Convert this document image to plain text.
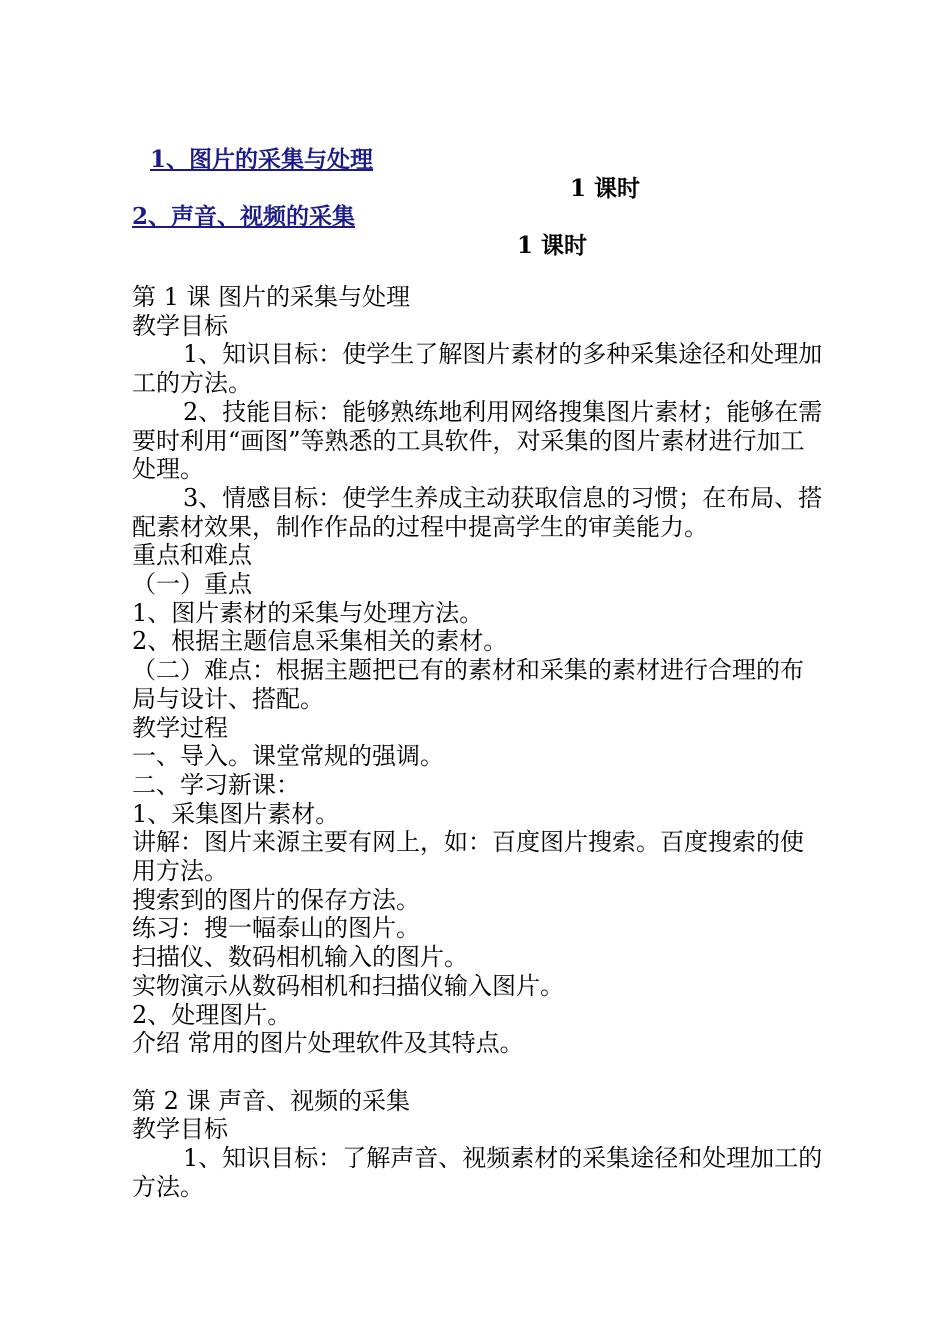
1、图片的采集与处理
1 课时
2、声音、视频的采集
1 课时

第 1 课 图片的采集与处理

教学目标

1、知识目标：使学生了解图片素材的多种采集途径和处理加工的方法。

2、技能目标：能够熟练地利用网络搜集图片素材；能够在需要时利用“画图”等熟悉的工具软件，对采集的图片素材进行加工处理。

3、情感目标：使学生养成主动获取信息的习惯；在布局、搭配素材效果，制作作品的过程中提高学生的审美能力。

重点和难点

（一）重点

1、图片素材的采集与处理方法。

2、根据主题信息采集相关的素材。

（二）难点：根据主题把已有的素材和采集的素材进行合理的布局与设计、搭配。

教学过程

一、导入。课堂常规的强调。

二、学习新课：

1、采集图片素材。

讲解：图片来源主要有网上，如：百度图片搜索。百度搜索的使用方法。

搜索到的图片的保存方法。

练习：搜一幅泰山的图片。

扫描仪、数码相机输入的图片。

实物演示从数码相机和扫描仪输入图片。

2、处理图片。

介绍 常用的图片处理软件及其特点。

第 2 课 声音、视频的采集

教学目标

1、知识目标：了解声音、视频素材的采集途径和处理加工的方法。
